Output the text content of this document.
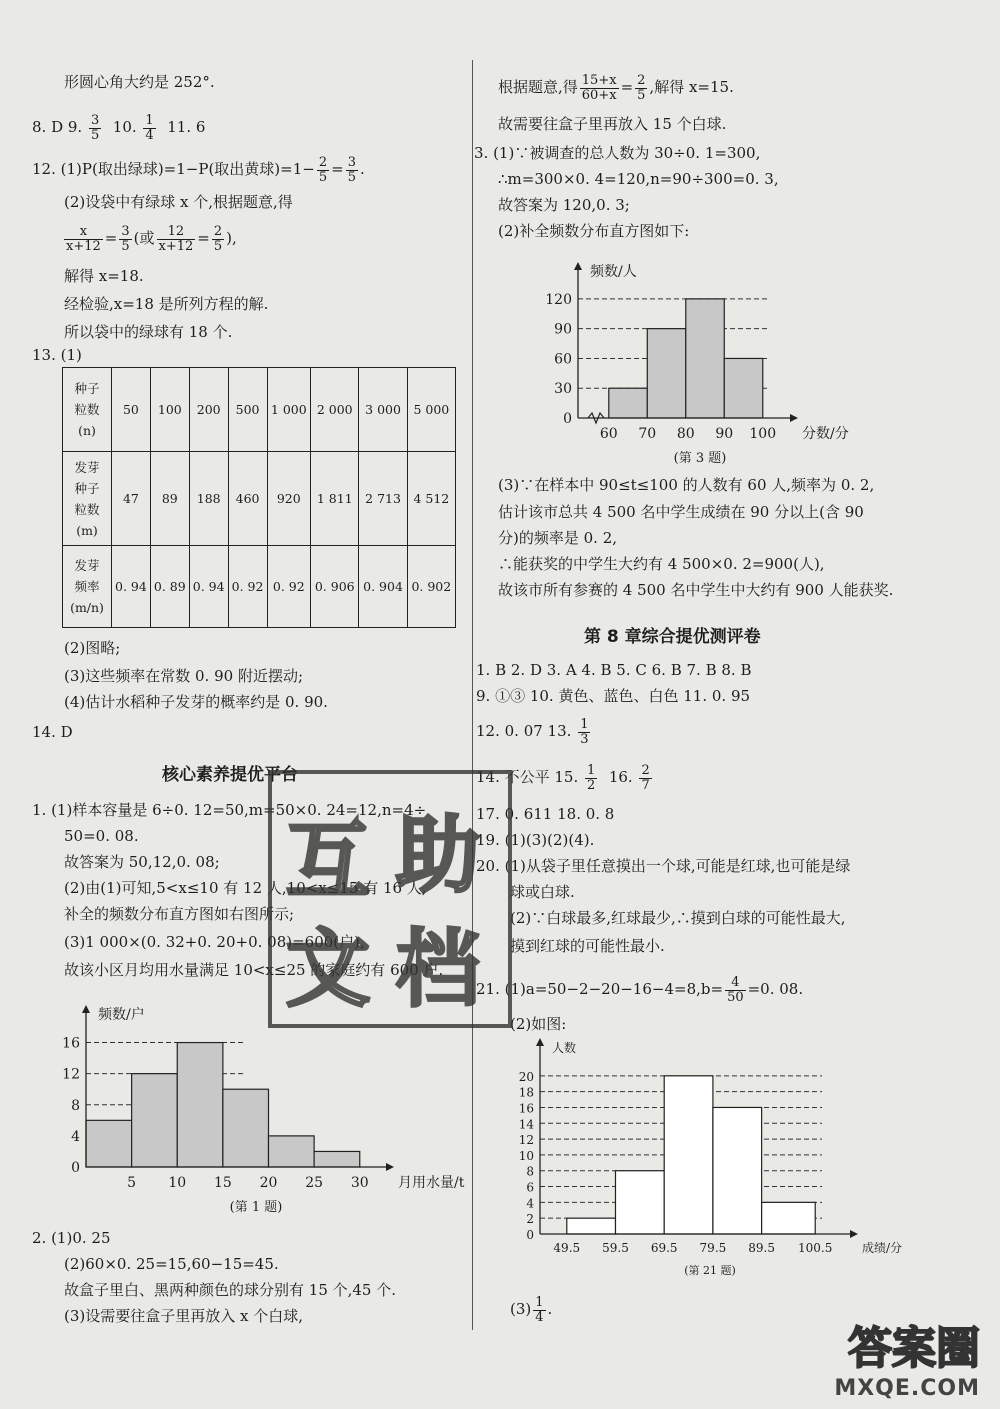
形圆心角大约是 252°.
8. D 9. $\frac{3}{5} 10$. $\frac{1}{4} 11$. 6
12. (1)P(取出绿球)=1−P(取出黄球)$=1- \frac{2}{5} = \frac{3}{5}$ .
(2)设袋中有绿球 x 个,根据题意,得
$\frac{x}{x+12} = \frac{3}{5}$ (或 $\frac{12}{x+12} = \frac{2}{5}$ ),
解得 x=18.
经检验,x=18 是所列方程的解.
所以袋中的绿球有 18 个.
13. (1)
种子
粒数
(n)	50	100	200	500	1 000	2 000	3 000	5 000

发芽
种子
粒数
(m)	47	89	188	460	920	1 811	2 713	4 512

发芽
频率
(m/n)	0. 94	0. 89	0. 94	0. 92	0. 92	0. 906	0. 904	0. 902
(2)图略;
(3)这些频率在常数 0. 90 附近摆动;
(4)估计水稻种子发芽的概率约是 0. 90.
14. D
核心素养提优平台
1. (1)样本容量是 6÷0. 12=50,m=50×0. 24=12,n=4÷
50=0. 08.
故答案为 50,12,0. 08;
(2)由(1)可知,5<x≤10 有 12 人,10<x≤15 有 16 人,
补全的频数分布直方图如右图所示;
(3)1 000×(0. 32+0. 20+0. 08)=600(户),
故该小区月均用水量满足 10<x≤25 的家庭约有 600 户.
0
4
8
12
16
5 10 15 20 25 30
频数/户
月用水量/t
(第 1 题)
2. (1)0. 25
(2)60×0. 25=15,60−15=45.
故盒子里白、黑两种颜色的球分别有 15 个,45 个.
(3)设需要往盒子里再放入 x 个白球,
根据题意,得 $\frac{15+x}{60+x} = \frac{2}{5}$ ,解得 x=15.
故需要往盒子里再放入 15 个白球.
3. (1)∵被调查的总人数为 30÷0. 1=300,
∴m=300×0. 4=120,n=90÷300=0. 3,
故答案为 120,0. 3;
(2)补全频数分布直方图如下:
0
30
60
90
120
60 70 80 90 100
频数/人
分数/分
(第 3 题)
(3)∵在样本中 90≤t≤100 的人数有 60 人,频率为 0. 2,
估计该市总共 4 500 名中学生成绩在 90 分以上(含 90
分)的频率是 0. 2,
∴能获奖的中学生大约有 4 500×0. 2=900(人),
故该市所有参赛的 4 500 名中学生中大约有 900 人能获奖.
第 8 章综合提优测评卷
1. B 2. D 3. A 4. B 5. C 6. B 7. B 8. B
9. ①③ 10. 黄色、蓝色、白色 11. 0. 95
12. 0. 07 13. $\frac{1}{3}$
14. 不公平 15. $\frac{1}{2} 16$. $\frac{2}{7}$
17. 0. 611 18. 0. 8
19. (1)(3)(2)(4).
20. (1)从袋子里任意摸出一个球,可能是红球,也可能是绿
球或白球.
(2)∵白球最多,红球最少,∴摸到白球的可能性最大,
摸到红球的可能性最小.
21. $(1)a=50-2-20-16-4=8,b= \frac{4}{50} =0$. 08.
(2)如图:
0
2
4
6
8
10
12
14
16
18
20
49.5 59.5 69.5 79.5 89.5 100.5
人数
成绩/分
(第 21 题)
$(3) \frac{1}{4}$ .
互 助
文 档
答案圈
MXQE.COM
